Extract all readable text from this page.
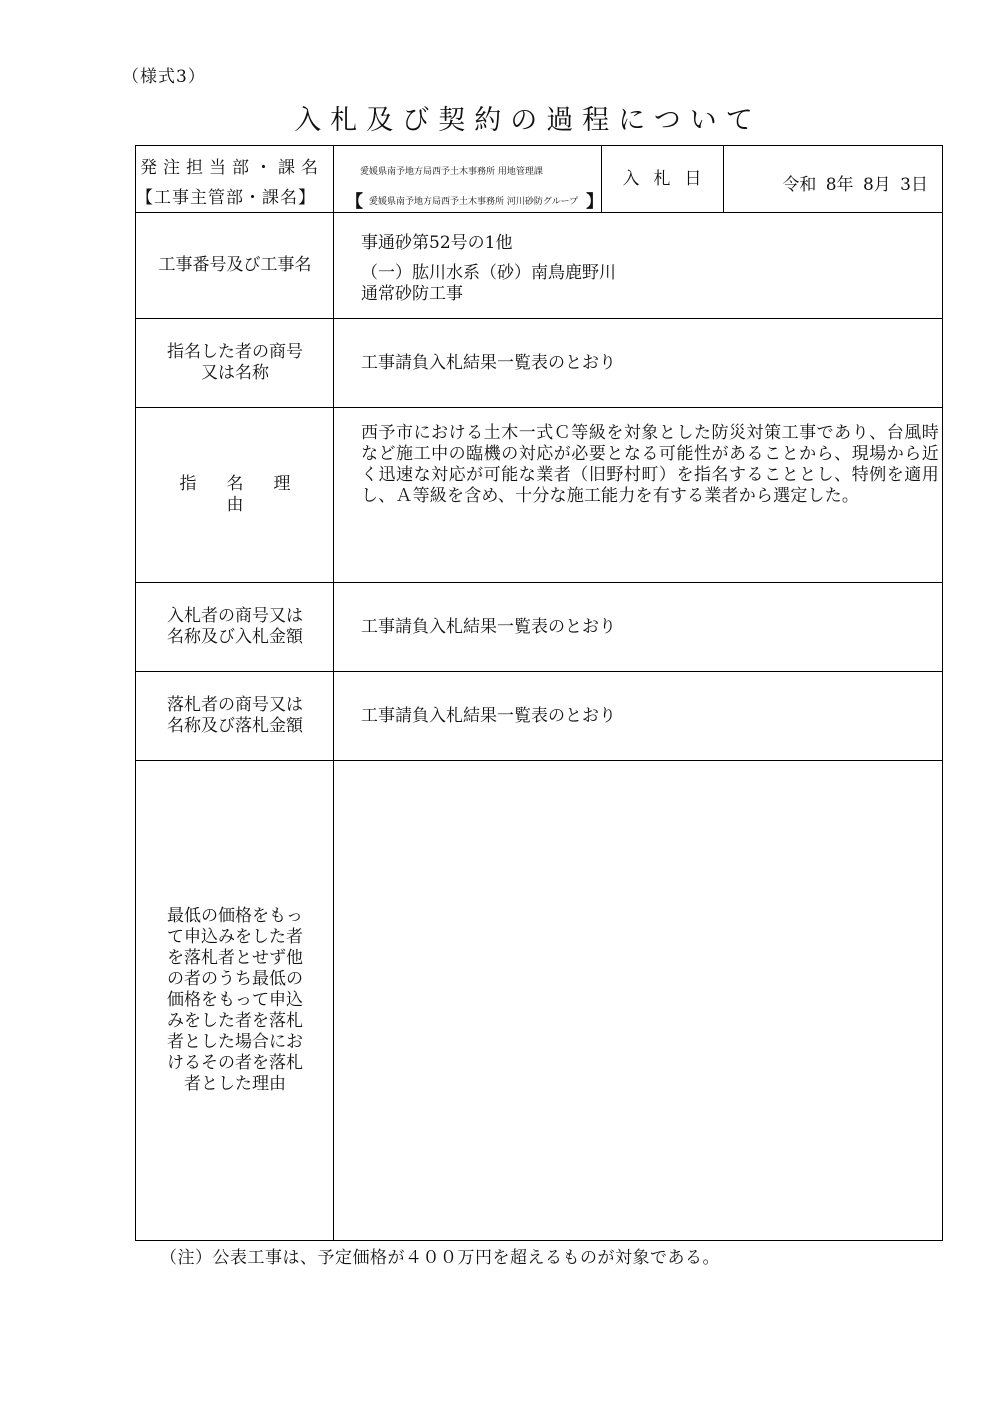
（様式3）
入札及び契約の過程について
発注担当部・課名
【工事主管部・課名】
愛媛県南予地方局西予土木事務所 用地管理課
【 愛媛県南予地方局西予土木事務所 河川砂防グループ 】
入札日	令和 8年 8月 3日
工事番号及び工事名
事通砂第52号の1他
（一）肱川水系（砂）南鳥鹿野川
通常砂防工事
指名した者の商号
又は名称
工事請負入札結果一覧表のとおり
指名理由
西予市における土木一式Ｃ等級を対象とした防災対策工事であり、台風時など施工中の臨機の対応が必要となる可能性があることから、現場から近く迅速な対応が可能な業者（旧野村町）を指名することとし、特例を適用し、Ａ等級を含め、十分な施工能力を有する業者から選定した。
入札者の商号又は
名称及び入札金額
工事請負入札結果一覧表のとおり
落札者の商号又は
名称及び落札金額
工事請負入札結果一覧表のとおり
最低の価格をもっ
て申込みをした者
を落札者とせず他
の者のうち最低の
価格をもって申込
みをした者を落札
者とした場合にお
けるその者を落札
者とした理由
（注）公表工事は、予定価格が４００万円を超えるものが対象である。
